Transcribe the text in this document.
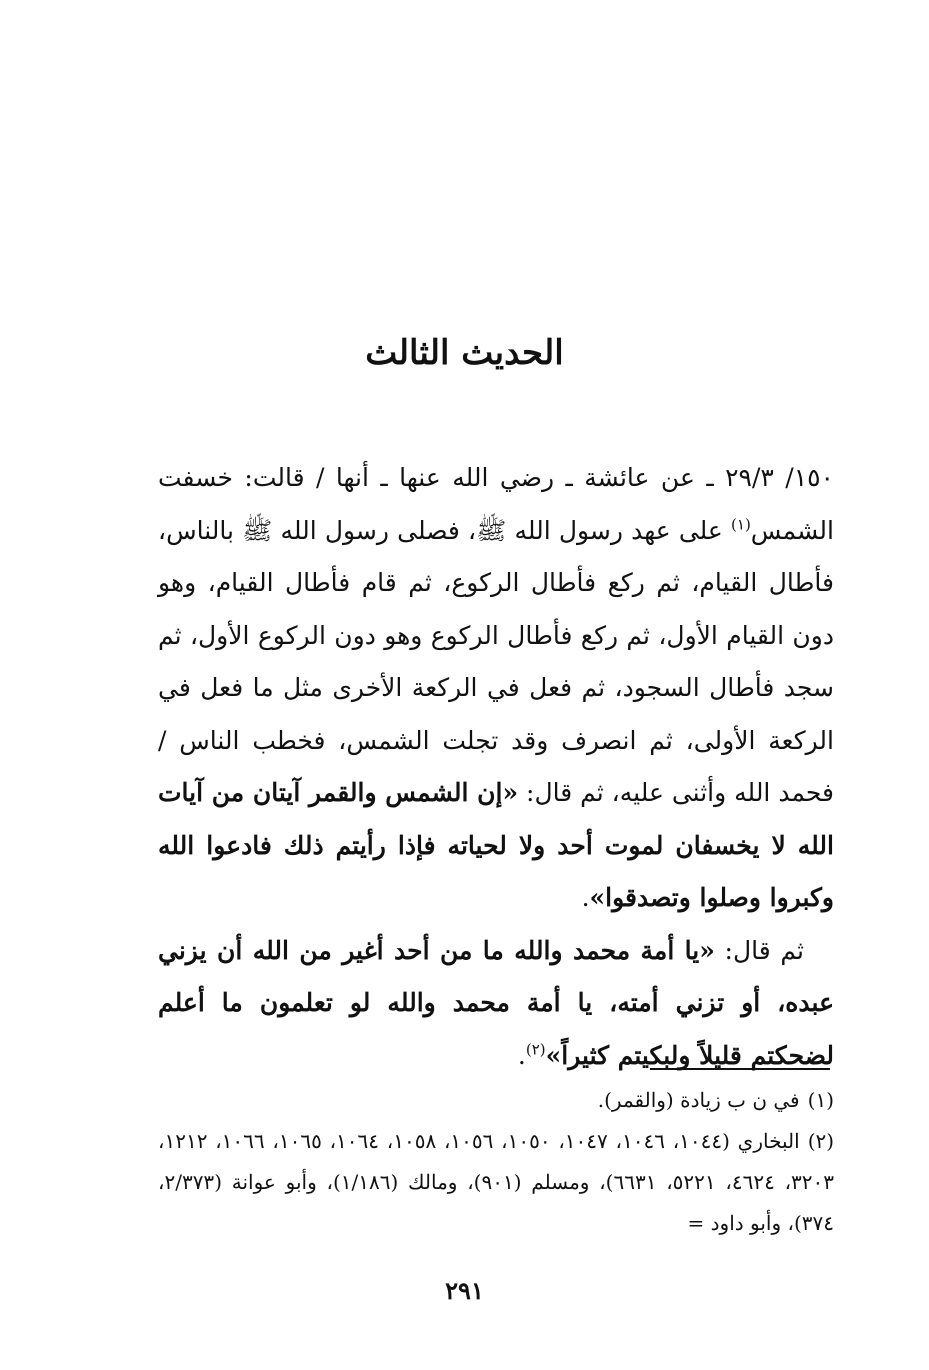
الحديث الثالث

١٥٠/ ٢٩/٣ ـ عن عائشة ـ رضي الله عنها ـ أنها / قالت: خسفت الشمس$^{(١)}$ على عهد رسول الله ﷺ، فصلى رسول الله ﷺ بالناس، فأطال القيام، ثم ركع فأطال الركوع، ثم قام فأطال القيام، وهو دون القيام الأول، ثم ركع فأطال الركوع وهو دون الركوع الأول، ثم سجد فأطال السجود، ثم فعل في الركعة الأخرى مثل ما فعل في الركعة الأولى، ثم انصرف وقد تجلت الشمس، فخطب الناس / فحمد الله وأثنى عليه، ثم قال: «إن الشمس والقمر آيتان من آيات الله لا يخسفان لموت أحد ولا لحياته فإذا رأيتم ذلك فادعوا الله وكبروا وصلوا وتصدقوا».

ثم قال: «يا أمة محمد والله ما من أحد أغير من الله أن يزني عبده، أو تزني أمته، يا أمة محمد والله لو تعلمون ما أعلم لضحكتم قليلاً ولبكيتم كثيراً»$^{(٢)}$.

(١)في ن ب زيادة (والقمر).

(٢)البخاري (١٠٤٤، ١٠٤٦، ١٠٤٧، ١٠٥٠، ١٠٥٦، ١٠٥٨، ١٠٦٤، ١٠٦٥، ١٠٦٦، ١٢١٢، ٣٢٠٣، ٤٦٢٤، ٥٢٢١، ٦٦٣١)، ومسلم (٩٠١)، ومالك (١/١٨٦)، وأبو عوانة (٢/٣٧٣، ٣٧٤)، وأبو داود =

٢٩١
